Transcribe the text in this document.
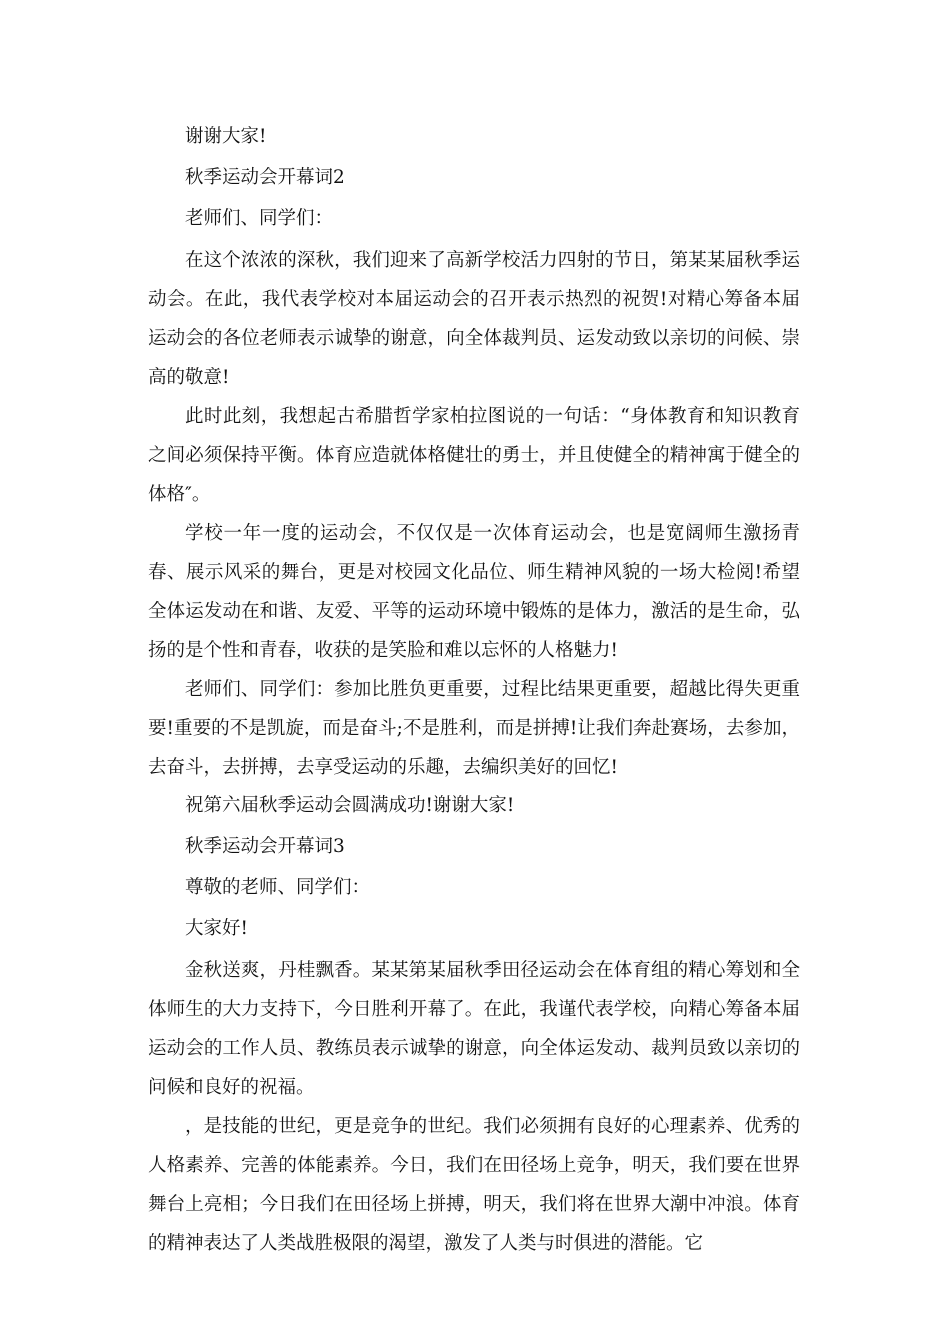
谢谢大家!

秋季运动会开幕词2

老师们、同学们：

在这个浓浓的深秋，我们迎来了高新学校活力四射的节日，第某某届秋季运动会。在此，我代表学校对本届运动会的召开表示热烈的祝贺!对精心筹备本届运动会的各位老师表示诚挚的谢意，向全体裁判员、运发动致以亲切的问候、崇高的敬意!

此时此刻，我想起古希腊哲学家柏拉图说的一句话：“身体教育和知识教育之间必须保持平衡。体育应造就体格健壮的勇士，并且使健全的精神寓于健全的体格″。

学校一年一度的运动会，不仅仅是一次体育运动会，也是宽阔师生激扬青春、展示风采的舞台，更是对校园文化品位、师生精神风貌的一场大检阅!希望全体运发动在和谐、友爱、平等的运动环境中锻炼的是体力，激活的是生命，弘扬的是个性和青春，收获的是笑脸和难以忘怀的人格魅力!

老师们、同学们：参加比胜负更重要，过程比结果更重要，超越比得失更重要!重要的不是凯旋，而是奋斗;不是胜利，而是拼搏!让我们奔赴赛场，去参加，去奋斗，去拼搏，去享受运动的乐趣，去编织美好的回忆!

祝第六届秋季运动会圆满成功!谢谢大家!

秋季运动会开幕词3

尊敬的老师、同学们：

大家好!

金秋送爽，丹桂飘香。某某第某届秋季田径运动会在体育组的精心筹划和全体师生的大力支持下，今日胜利开幕了。在此，我谨代表学校，向精心筹备本届运动会的工作人员、教练员表示诚挚的谢意，向全体运发动、裁判员致以亲切的问候和良好的祝福。

，是技能的世纪，更是竞争的世纪。我们必须拥有良好的心理素养、优秀的人格素养、完善的体能素养。今日，我们在田径场上竞争，明天，我们要在世界舞台上亮相；今日我们在田径场上拼搏，明天，我们将在世界大潮中冲浪。体育的精神表达了人类战胜极限的渴望，激发了人类与时俱进的潜能。它
